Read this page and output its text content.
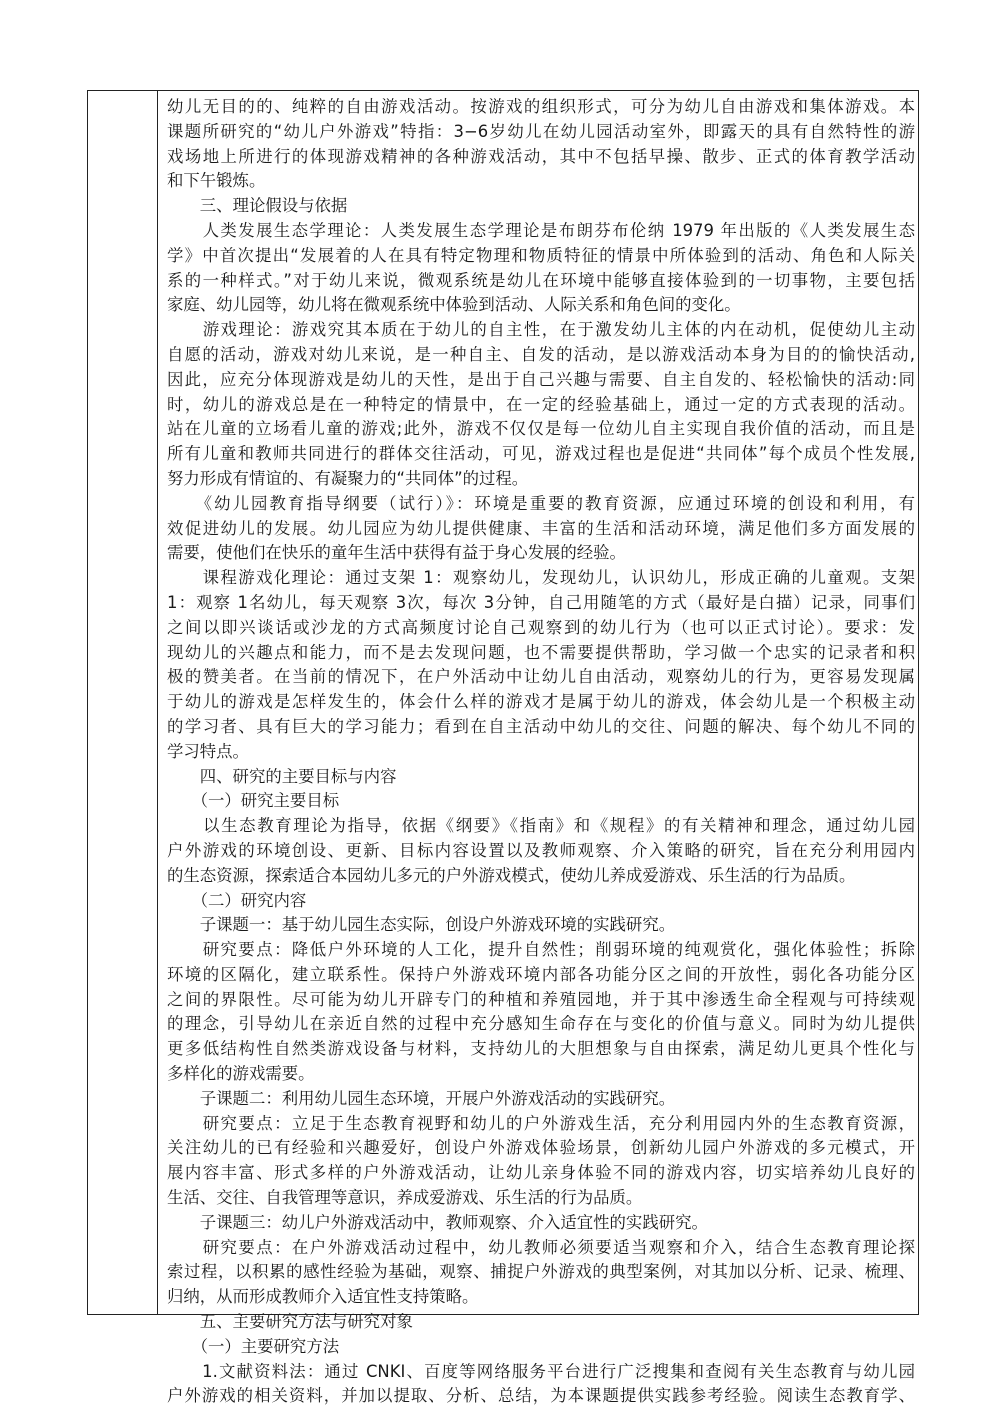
幼儿无目的的、纯粹的自由游戏活动。按游戏的组织形式，可分为幼儿自由游戏和集体游戏。本

课题所研究的“幼儿户外游戏”特指：3−6岁幼儿在幼儿园活动室外，即露天的具有自然特性的游

戏场地上所进行的体现游戏精神的各种游戏活动，其中不包括早操、散步、正式的体育教学活动

和下午锻炼。

　　三、理论假设与依据

　　人类发展生态学理论：人类发展生态学理论是布朗芬布伦纳 1979 年出版的《人类发展生态

学》中首次提出“发展着的人在具有特定物理和物质特征的情景中所体验到的活动、角色和人际关

系的一种样式。”对于幼儿来说，微观系统是幼儿在环境中能够直接体验到的一切事物，主要包括

家庭、幼儿园等，幼儿将在微观系统中体验到活动、人际关系和角色间的变化。

　　游戏理论：游戏究其本质在于幼儿的自主性，在于激发幼儿主体的内在动机，促使幼儿主动

自愿的活动，游戏对幼儿来说，是一种自主、自发的活动，是以游戏活动本身为目的的愉快活动,

因此，应充分体现游戏是幼儿的天性，是出于自己兴趣与需要、自主自发的、轻松愉快的活动:同

时，幼儿的游戏总是在一种特定的情景中，在一定的经验基础上，通过一定的方式表现的活动。

站在儿童的立场看儿童的游戏;此外，游戏不仅仅是每一位幼儿自主实现自我价值的活动，而且是

所有儿童和教师共同进行的群体交往活动，可见，游戏过程也是促进“共同体”每个成员个性发展,

努力形成有情谊的、有凝聚力的“共同体”的过程。

　　《幼儿园教育指导纲要（试行）》：环境是重要的教育资源，应通过环境的创设和利用，有

效促进幼儿的发展。幼儿园应为幼儿提供健康、丰富的生活和活动环境，满足他们多方面发展的

需要，使他们在快乐的童年生活中获得有益于身心发展的经验。

　　课程游戏化理论：通过支架 1：观察幼儿，发现幼儿，认识幼儿，形成正确的儿童观。支架

1：观察 1名幼儿，每天观察 3次，每次 3分钟，自己用随笔的方式（最好是白描）记录，同事们

之间以即兴谈话或沙龙的方式高频度讨论自己观察到的幼儿行为（也可以正式讨论）。要求：发

现幼儿的兴趣点和能力，而不是去发现问题，也不需要提供帮助，学习做一个忠实的记录者和积

极的赞美者。在当前的情况下，在户外活动中让幼儿自由活动，观察幼儿的行为，更容易发现属

于幼儿的游戏是怎样发生的，体会什么样的游戏才是属于幼儿的游戏，体会幼儿是一个积极主动

的学习者、具有巨大的学习能力；看到在自主活动中幼儿的交往、问题的解决、每个幼儿不同的

学习特点。

　　四、研究的主要目标与内容

　　（一）研究主要目标

　　以生态教育理论为指导，依据《纲要》《指南》和《规程》的有关精神和理念，通过幼儿园

户外游戏的环境创设、更新、目标内容设置以及教师观察、介入策略的研究，旨在充分利用园内

的生态资源，探索适合本园幼儿多元的户外游戏模式，使幼儿养成爱游戏、乐生活的行为品质。

　　（二）研究内容

　　子课题一：基于幼儿园生态实际，创设户外游戏环境的实践研究。

　　研究要点：降低户外环境的人工化，提升自然性；削弱环境的纯观赏化，强化体验性；拆除

环境的区隔化，建立联系性。保持户外游戏环境内部各功能分区之间的开放性，弱化各功能分区

之间的界限性。尽可能为幼儿开辟专门的种植和养殖园地，并于其中渗透生命全程观与可持续观

的理念，引导幼儿在亲近自然的过程中充分感知生命存在与变化的价值与意义。同时为幼儿提供

更多低结构性自然类游戏设备与材料，支持幼儿的大胆想象与自由探索，满足幼儿更具个性化与

多样化的游戏需要。

　　子课题二：利用幼儿园生态环境，开展户外游戏活动的实践研究。

　　研究要点：立足于生态教育视野和幼儿的户外游戏生活，充分利用园内外的生态教育资源，

关注幼儿的已有经验和兴趣爱好，创设户外游戏体验场景，创新幼儿园户外游戏的多元模式，开

展内容丰富、形式多样的户外游戏活动，让幼儿亲身体验不同的游戏内容，切实培养幼儿良好的

生活、交往、自我管理等意识，养成爱游戏、乐生活的行为品质。

　　子课题三：幼儿户外游戏活动中，教师观察、介入适宜性的实践研究。

　　研究要点：在户外游戏活动过程中，幼儿教师必须要适当观察和介入，结合生态教育理论探

索过程，以积累的感性经验为基础，观察、捕捉户外游戏的典型案例，对其加以分析、记录、梳理、

归纳，从而形成教师介入适宜性支持策略。

　　五、主要研究方法与研究对象

　　（一）主要研究方法

　　1.文献资料法：通过 CNKI、百度等网络服务平台进行广泛搜集和查阅有关生态教育与幼儿园

户外游戏的相关资料，并加以提取、分析、总结，为本课题提供实践参考经验。阅读生态教育学、
